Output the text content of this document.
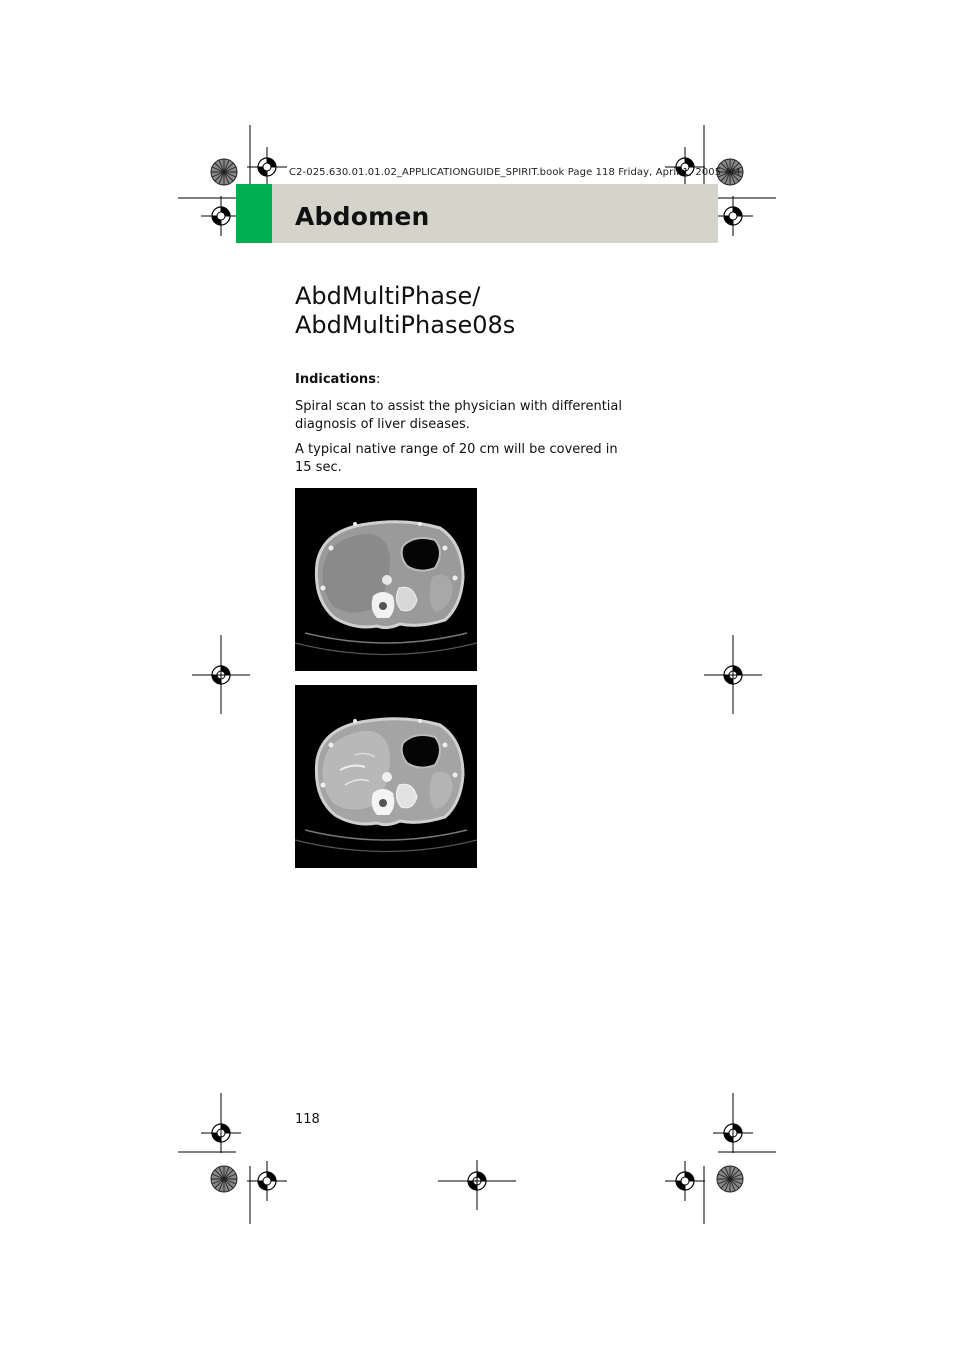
C2-025.630.01.01.02_APPLICATIONGUIDE_SPIRIT.book Page 118 Friday, April 1, 2005 AM
Abdomen
AbdMultiPhase/
AbdMultiPhase08s
Indications:
Spiral scan to assist the physician with differential diagnosis of liver diseases.
A typical native range of 20 cm will be covered in 15 sec.
118
